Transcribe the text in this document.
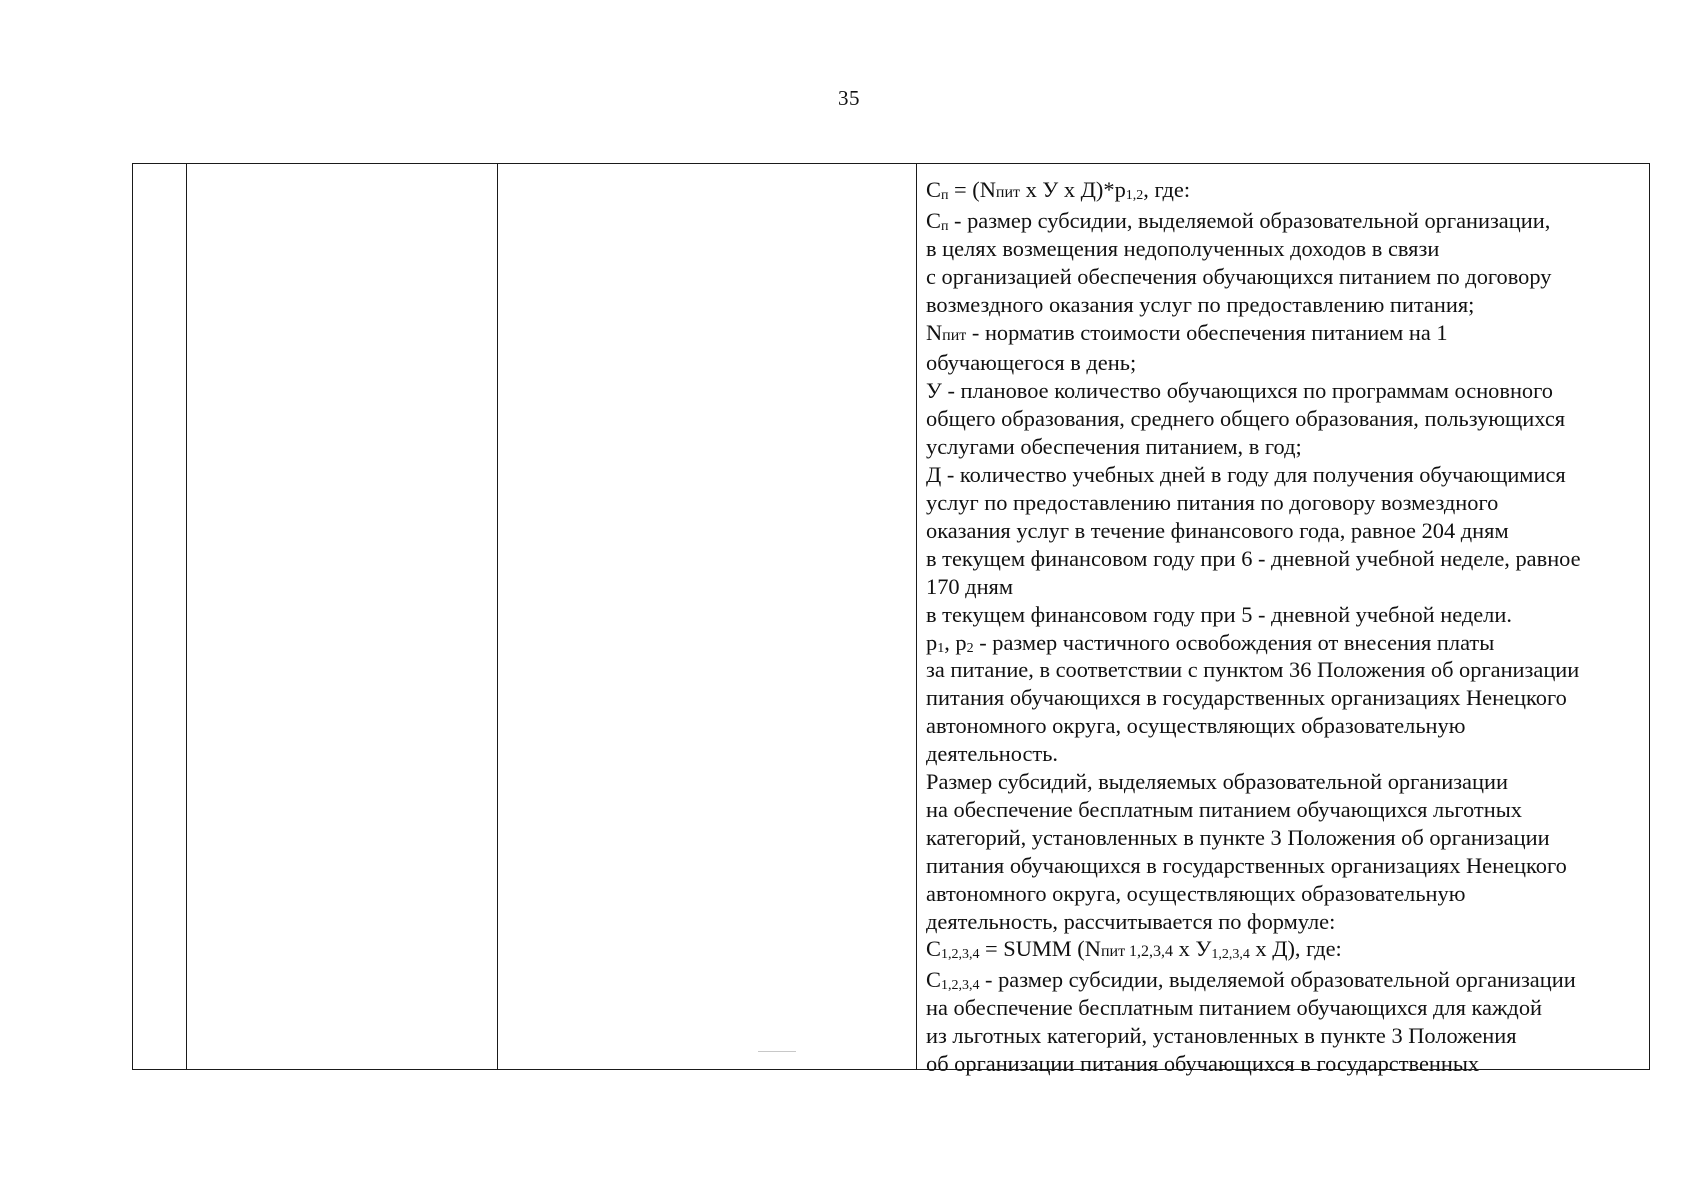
35
Сп = (Nпит х У х Д)*р1,2, где:
Сп - размер субсидии, выделяемой образовательной организации,
в целях возмещения недополученных доходов в связи
с организацией обеспечения обучающихся питанием по договору
возмездного оказания услуг по предоставлению питания;
Nпит - норматив стоимости обеспечения питанием на 1
обучающегося в день;
У - плановое количество обучающихся по программам основного
общего образования, среднего общего образования, пользующихся
услугами обеспечения питанием, в год;
Д - количество учебных дней в году для получения обучающимися
услуг по предоставлению питания по договору возмездного
оказания услуг в течение финансового года, равное 204 дням
в текущем финансовом году при 6 - дневной учебной неделе, равное
170 дням
в текущем финансовом году при 5 - дневной учебной недели.
р1, р2 - размер частичного освобождения от внесения платы
за питание, в соответствии с пунктом 36 Положения об организации
питания обучающихся в государственных организациях Ненецкого
автономного округа, осуществляющих образовательную
деятельность.
Размер субсидий, выделяемых образовательной организации
на обеспечение бесплатным питанием обучающихся льготных
категорий, установленных в пункте 3 Положения об организации
питания обучающихся в государственных организациях Ненецкого
автономного округа, осуществляющих образовательную
деятельность, рассчитывается по формуле:
С1,2,3,4 = SUMM (Nпит 1,2,3,4 х У1,2,3,4 х Д), где:
С1,2,3,4 - размер субсидии, выделяемой образовательной организации
на обеспечение бесплатным питанием обучающихся для каждой
из льготных категорий, установленных в пункте 3 Положения
об организации питания обучающихся в государственных
